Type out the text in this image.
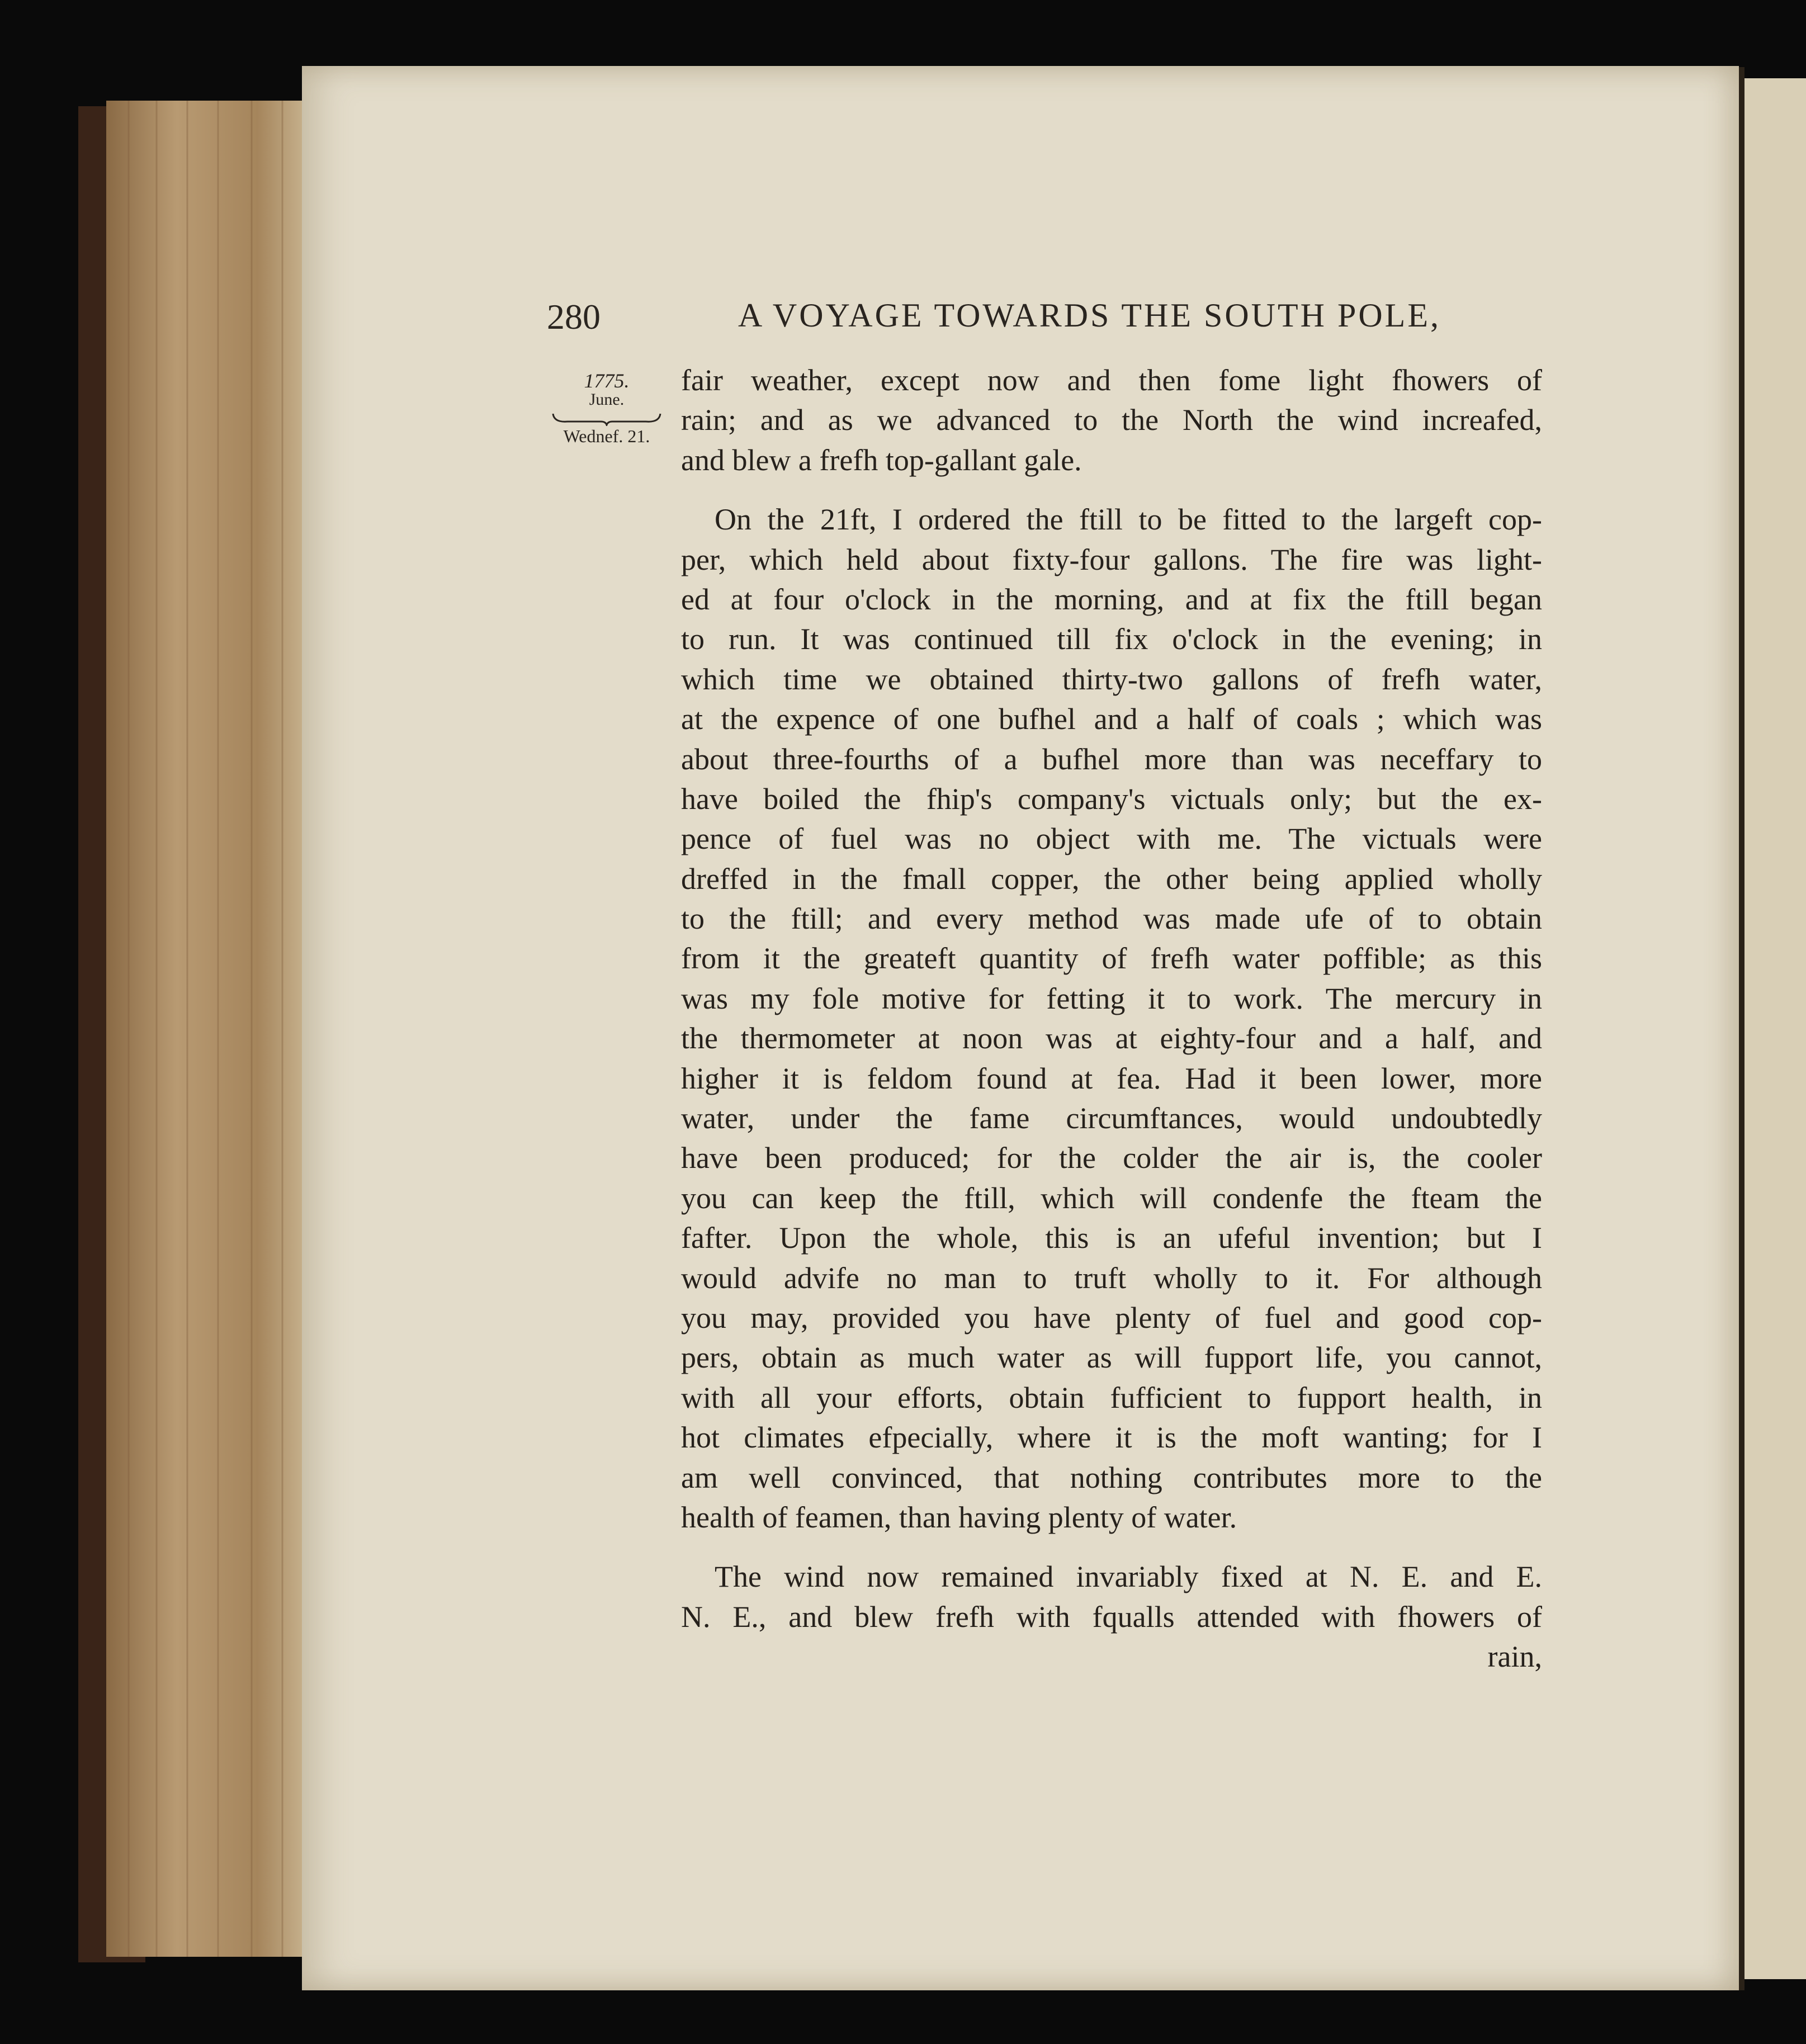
280	A VOYAGE TOWARDS THE SOUTH POLE,
1775.
June.
Wednef. 21.
fair weather, except now and then fome light fhowers of
rain; and as we advanced to the North the wind increafed,
and blew a frefh top-gallant gale.
On the 21ft, I ordered the ftill to be fitted to the largeft cop-
per, which held about fixty-four gallons. The fire was light-
ed at four o'clock in the morning, and at fix the ftill began
to run. It was continued till fix o'clock in the evening; in
which time we obtained thirty-two gallons of frefh water,
at the expence of one bufhel and a half of coals ; which was
about three-fourths of a bufhel more than was neceffary to
have boiled the fhip's company's victuals only; but the ex-
pence of fuel was no object with me. The victuals were
dreffed in the fmall copper, the other being applied wholly
to the ftill; and every method was made ufe of to obtain
from it the greateft quantity of frefh water poffible; as this
was my fole motive for fetting it to work. The mercury in
the thermometer at noon was at eighty-four and a half, and
higher it is feldom found at fea. Had it been lower, more
water, under the fame circumftances, would undoubtedly
have been produced; for the colder the air is, the cooler
you can keep the ftill, which will condenfe the fteam the
fafter. Upon the whole, this is an ufeful invention; but I
would advife no man to truft wholly to it. For although
you may, provided you have plenty of fuel and good cop-
pers, obtain as much water as will fupport life, you cannot,
with all your efforts, obtain fufficient to fupport health, in
hot climates efpecially, where it is the moft wanting; for I
am well convinced, that nothing contributes more to the
health of feamen, than having plenty of water.
The wind now remained invariably fixed at N. E. and E.
N. E., and blew frefh with fqualls attended with fhowers of
rain,
